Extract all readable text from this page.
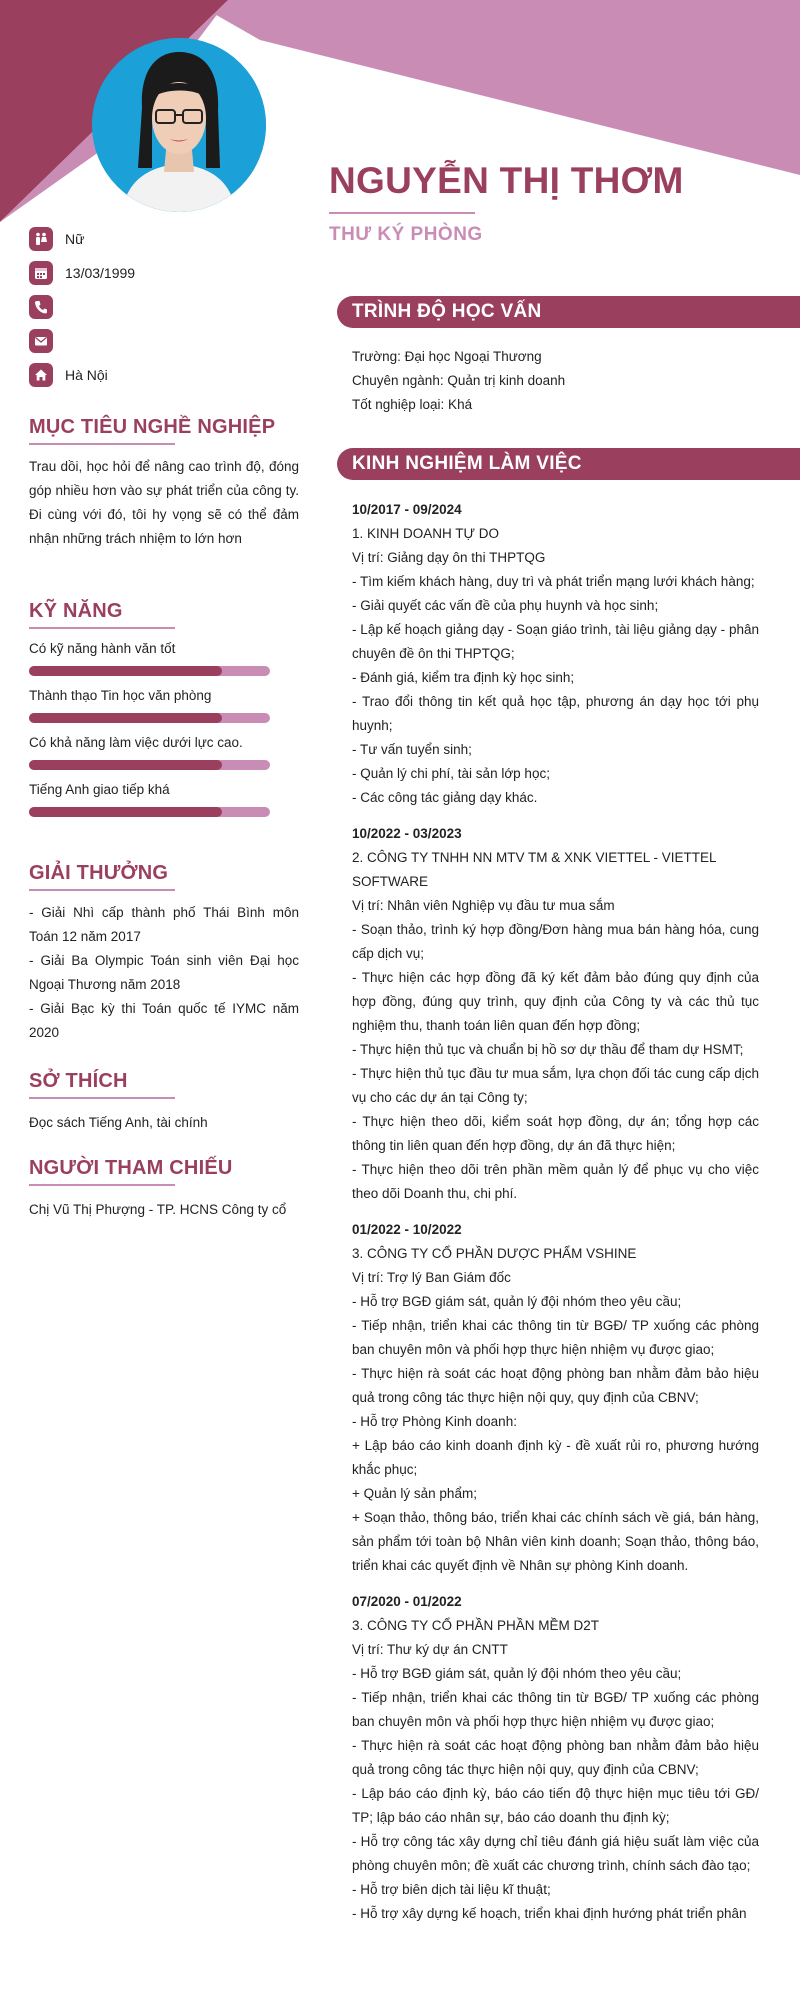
NGUYỄN THỊ THƠM
THƯ KÝ PHÒNG
Nữ
13/03/1999
Hà Nội
MỤC TIÊU NGHỀ NGHIỆP
Trau dồi, học hỏi để nâng cao trình độ, đóng góp nhiều hơn vào sự phát triển của công ty. Đi cùng với đó, tôi hy vọng sẽ có thể đảm nhận những trách nhiệm to lớn hơn
KỸ NĂNG
Có kỹ năng hành văn tốt
Thành thạo Tin học văn phòng
Có khả năng làm việc dưới lực cao.
Tiếng Anh giao tiếp khá
GIẢI THƯỞNG
- Giải Nhì cấp thành phố Thái Bình môn Toán 12 năm 2017
- Giải Ba Olympic Toán sinh viên Đại học Ngoại Thương năm 2018
- Giải Bạc kỳ thi Toán quốc tế IYMC năm 2020
SỞ THÍCH
Đọc sách Tiếng Anh, tài chính
NGƯỜI THAM CHIẾU
Chị Vũ Thị Phượng - TP. HCNS Công ty cổ
TRÌNH ĐỘ HỌC VẤN
Trường: Đại học Ngoại Thương
Chuyên ngành: Quản trị kinh doanh
Tốt nghiệp loại: Khá
KINH NGHIỆM LÀM VIỆC
10/2017 - 09/2024
1. KINH DOANH TỰ DO
Vị trí: Giảng dạy ôn thi THPTQG
- Tìm kiếm khách hàng, duy trì và phát triển mạng lưới khách hàng;
- Giải quyết các vấn đề của phụ huynh và học sinh;
- Lập kế hoạch giảng dạy - Soạn giáo trình, tài liệu giảng dạy - phân chuyên đề ôn thi THPTQG;
- Đánh giá, kiểm tra định kỳ học sinh;
- Trao đổi thông tin kết quả học tập, phương án dạy học tới phụ huynh;
- Tư vấn tuyển sinh;
- Quản lý chi phí, tài sản lớp học;
- Các công tác giảng dạy khác.
10/2022 - 03/2023
2. CÔNG TY TNHH NN MTV TM & XNK VIETTEL - VIETTEL SOFTWARE
Vị trí: Nhân viên Nghiệp vụ đầu tư mua sắm
- Soạn thảo, trình ký hợp đồng/Đơn hàng mua bán hàng hóa, cung cấp dịch vụ;
- Thực hiện các hợp đồng đã ký kết đảm bảo đúng quy định của hợp đồng, đúng quy trình, quy định của Công ty và các thủ tục nghiệm thu, thanh toán liên quan đến hợp đồng;
- Thực hiện thủ tục và chuẩn bị hồ sơ dự thầu để tham dự HSMT;
- Thực hiện thủ tục đầu tư mua sắm, lựa chọn đối tác cung cấp dịch vụ cho các dự án tại Công ty;
- Thực hiện theo dõi, kiểm soát hợp đồng, dự án; tổng hợp các thông tin liên quan đến hợp đồng, dự án đã thực hiện;
- Thực hiện theo dõi trên phần mềm quản lý để phục vụ cho việc theo dõi Doanh thu, chi phí.
01/2022 - 10/2022
3. CÔNG TY CỔ PHẦN DƯỢC PHẨM VSHINE
Vị trí: Trợ lý Ban Giám đốc
- Hỗ trợ BGĐ giám sát, quản lý đội nhóm theo yêu cầu;
- Tiếp nhận, triển khai các thông tin từ BGĐ/ TP xuống các phòng ban chuyên môn và phối hợp thực hiện nhiệm vụ được giao;
- Thực hiện rà soát các hoạt động phòng ban nhằm đảm bảo hiệu quả trong công tác thực hiện nội quy, quy định của CBNV;
- Hỗ trợ Phòng Kinh doanh:
+ Lập báo cáo kinh doanh định kỳ - đề xuất rủi ro, phương hướng khắc phục;
+ Quản lý sản phẩm;
+ Soạn thảo, thông báo, triển khai các chính sách về giá, bán hàng, sản phẩm tới toàn bộ Nhân viên kinh doanh; Soạn thảo, thông báo, triển khai các quyết định về Nhân sự phòng Kinh doanh.
07/2020 - 01/2022
3. CÔNG TY CỔ PHẦN PHẦN MỀM D2T
Vị trí: Thư ký dự án CNTT
- Hỗ trợ BGĐ giám sát, quản lý đội nhóm theo yêu cầu;
- Tiếp nhận, triển khai các thông tin từ BGĐ/ TP xuống các phòng ban chuyên môn và phối hợp thực hiện nhiệm vụ được giao;
- Thực hiện rà soát các hoạt động phòng ban nhằm đảm bảo hiệu quả trong công tác thực hiện nội quy, quy định của CBNV;
- Lập báo cáo định kỳ, báo cáo tiến độ thực hiện mục tiêu tới GĐ/ TP; lập báo cáo nhân sự, báo cáo doanh thu định kỳ;
- Hỗ trợ công tác xây dựng chỉ tiêu đánh giá hiệu suất làm việc của phòng chuyên môn; đề xuất các chương trình, chính sách đào tạo;
- Hỗ trợ biên dịch tài liệu kĩ thuật;
- Hỗ trợ xây dựng kế hoạch, triển khai định hướng phát triển phân
